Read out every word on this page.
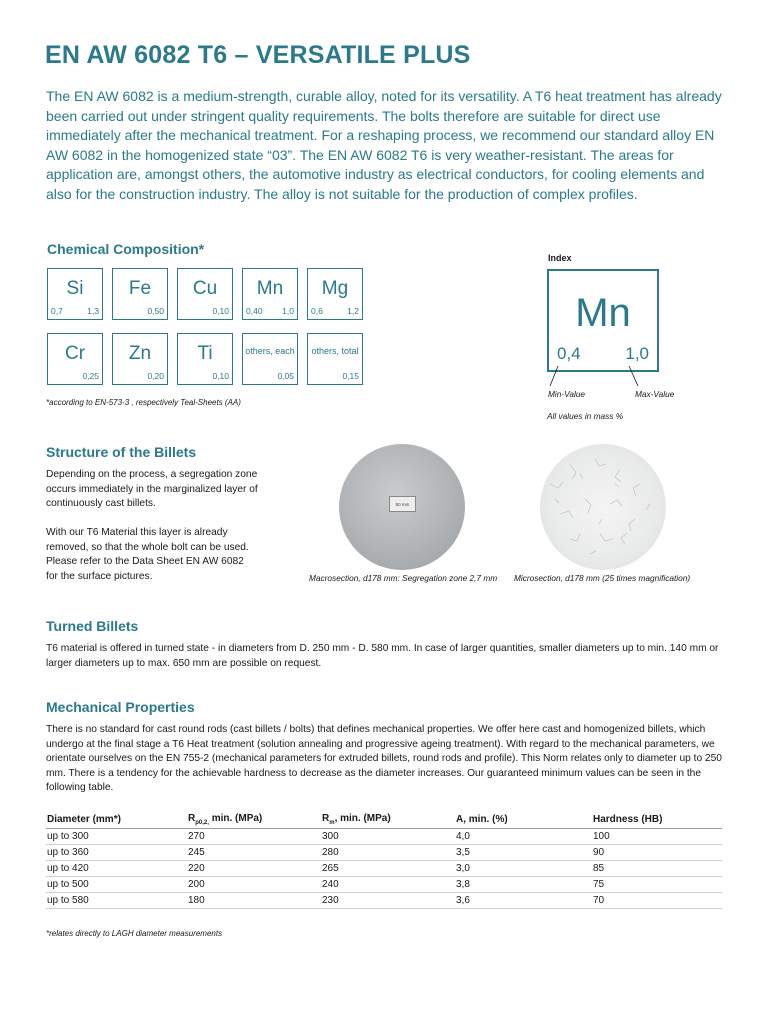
EN AW 6082 T6 – VERSATILE PLUS
The EN AW 6082 is a medium-strength, curable alloy, noted for its versatility. A T6 heat treatment has already been carried out under stringent quality requirements. The bolts therefore are suitable for direct use immediately after the mechanical treatment. For a reshaping process, we recommend our standard alloy EN AW 6082 in the homogenized state “03”. The EN AW 6082 T6 is very weather-resistant. The areas for application are, amongst others, the automotive industry as electrical conductors, for cooling elements and also for the construction industry. The alloy is not suitable for the production of complex profiles.
Chemical Composition*
Si
0,7	1,3
Fe
0,50
Cu
0,10
Mn
0,40 1,0
Mg
0,6	1,2
Cr
0,25
Zn
0,20
Ti
0,10
others, each
0,05
others, total
0,15
*according to EN-573-3 , respectively Teal-Sheets (AA)
Index
Mn
0,4	1,0
Min-Value	Max-Value
All values in mass %
Structure of the Billets
Depending on the process, a segregation zone occurs immediately in the marginalized layer of continuously cast billets.
With our T6 Material this layer is already removed, so that the whole bolt can be used. Please refer to the Data Sheet EN AW 6082 for the surface pictures.
50 mm
Macrosection, d178 mm: Segregation zone 2,7 mm Microsection, d178 mm (25 times magnification)
Turned Billets
T6 material is offered in turned state - in diameters from D. 250 mm - D. 580 mm. In case of larger quantities, smaller diameters up to min. 140 mm or larger diameters up to max. 650 mm are possible on request.
Mechanical Properties
There is no standard for cast round rods (cast billets / bolts) that defines mechanical properties. We offer here cast and homogenized billets, which undergo at the final stage a T6 Heat treatment (solution annealing and progressive ageing treatment). With regard to the mechanical parameters, we orientate ourselves on the EN 755-2 (mechanical parameters for extruded billets, round rods and profile). This Norm relates only to diameter up to 250 mm. There is a tendency for the achievable hardness to decrease as the diameter increases. Our guaranteed minimum values can be seen in the following table.
Diameter (mm*)	$R_{p0,2,}$ min. (MPa)	$R_m$, min. (MPa)	A, min. (%)	Hardness (HB)
up to 300	270	300	4,0	100
up to 360	245	280	3,5	90
up to 420	220	265	3,0	85
up to 500	200	240	3,8	75
up to 580	180	230	3,6	70
*relates directly to LAGH diameter measurements
